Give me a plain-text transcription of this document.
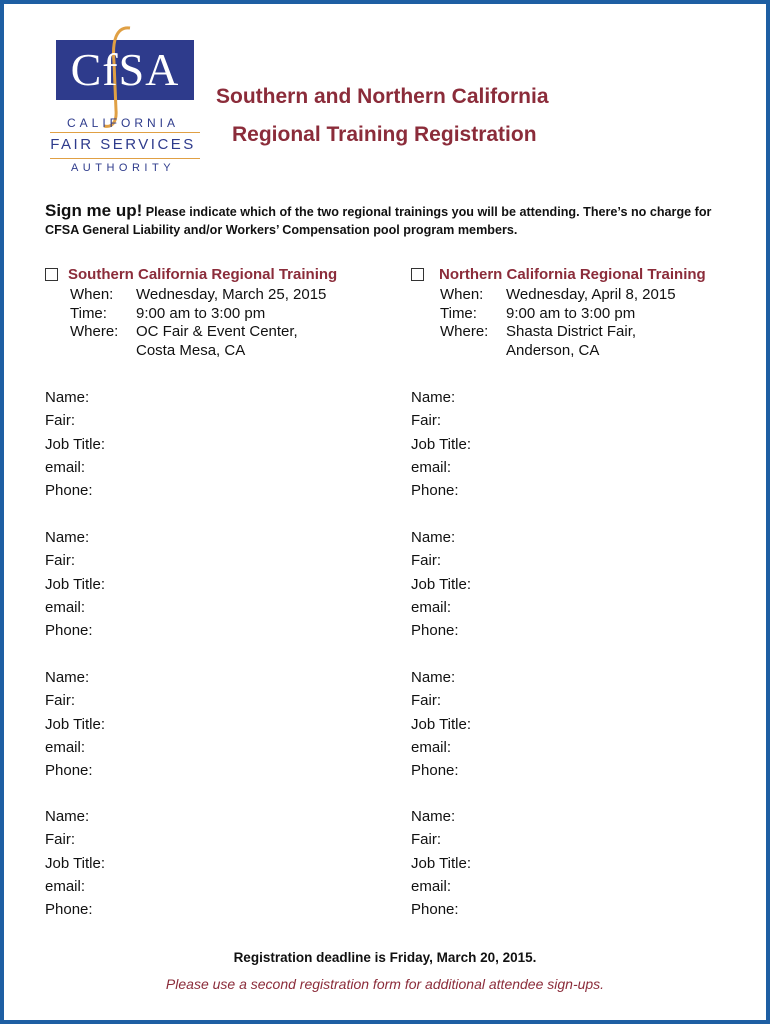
CfSA
CALIFORNIA
FAIR SERVICES
AUTHORITY
Southern and Northern California
Regional Training Registration
Sign me up! Please indicate which of the two regional trainings you will be attending. There’s no charge for CFSA General Liability and/or Workers’ Compensation pool program members.
Southern California Regional Training
When:	Wednesday, March 25, 2015
Time:	9:00 am to 3:00 pm
Where:	OC Fair & Event Center,
Costa Mesa, CA
Name:
Fair:
Job Title:
email:
Phone:
Name:
Fair:
Job Title:
email:
Phone:
Name:
Fair:
Job Title:
email:
Phone:
Name:
Fair:
Job Title:
email:
Phone:
Northern California Regional Training
When:	Wednesday, April 8, 2015
Time:	9:00 am to 3:00 pm
Where:	Shasta District Fair,
Anderson, CA
Name:
Fair:
Job Title:
email:
Phone:
Name:
Fair:
Job Title:
email:
Phone:
Name:
Fair:
Job Title:
email:
Phone:
Name:
Fair:
Job Title:
email:
Phone:
Registration deadline is Friday, March 20, 2015.
Please use a second registration form for additional attendee sign-ups.
